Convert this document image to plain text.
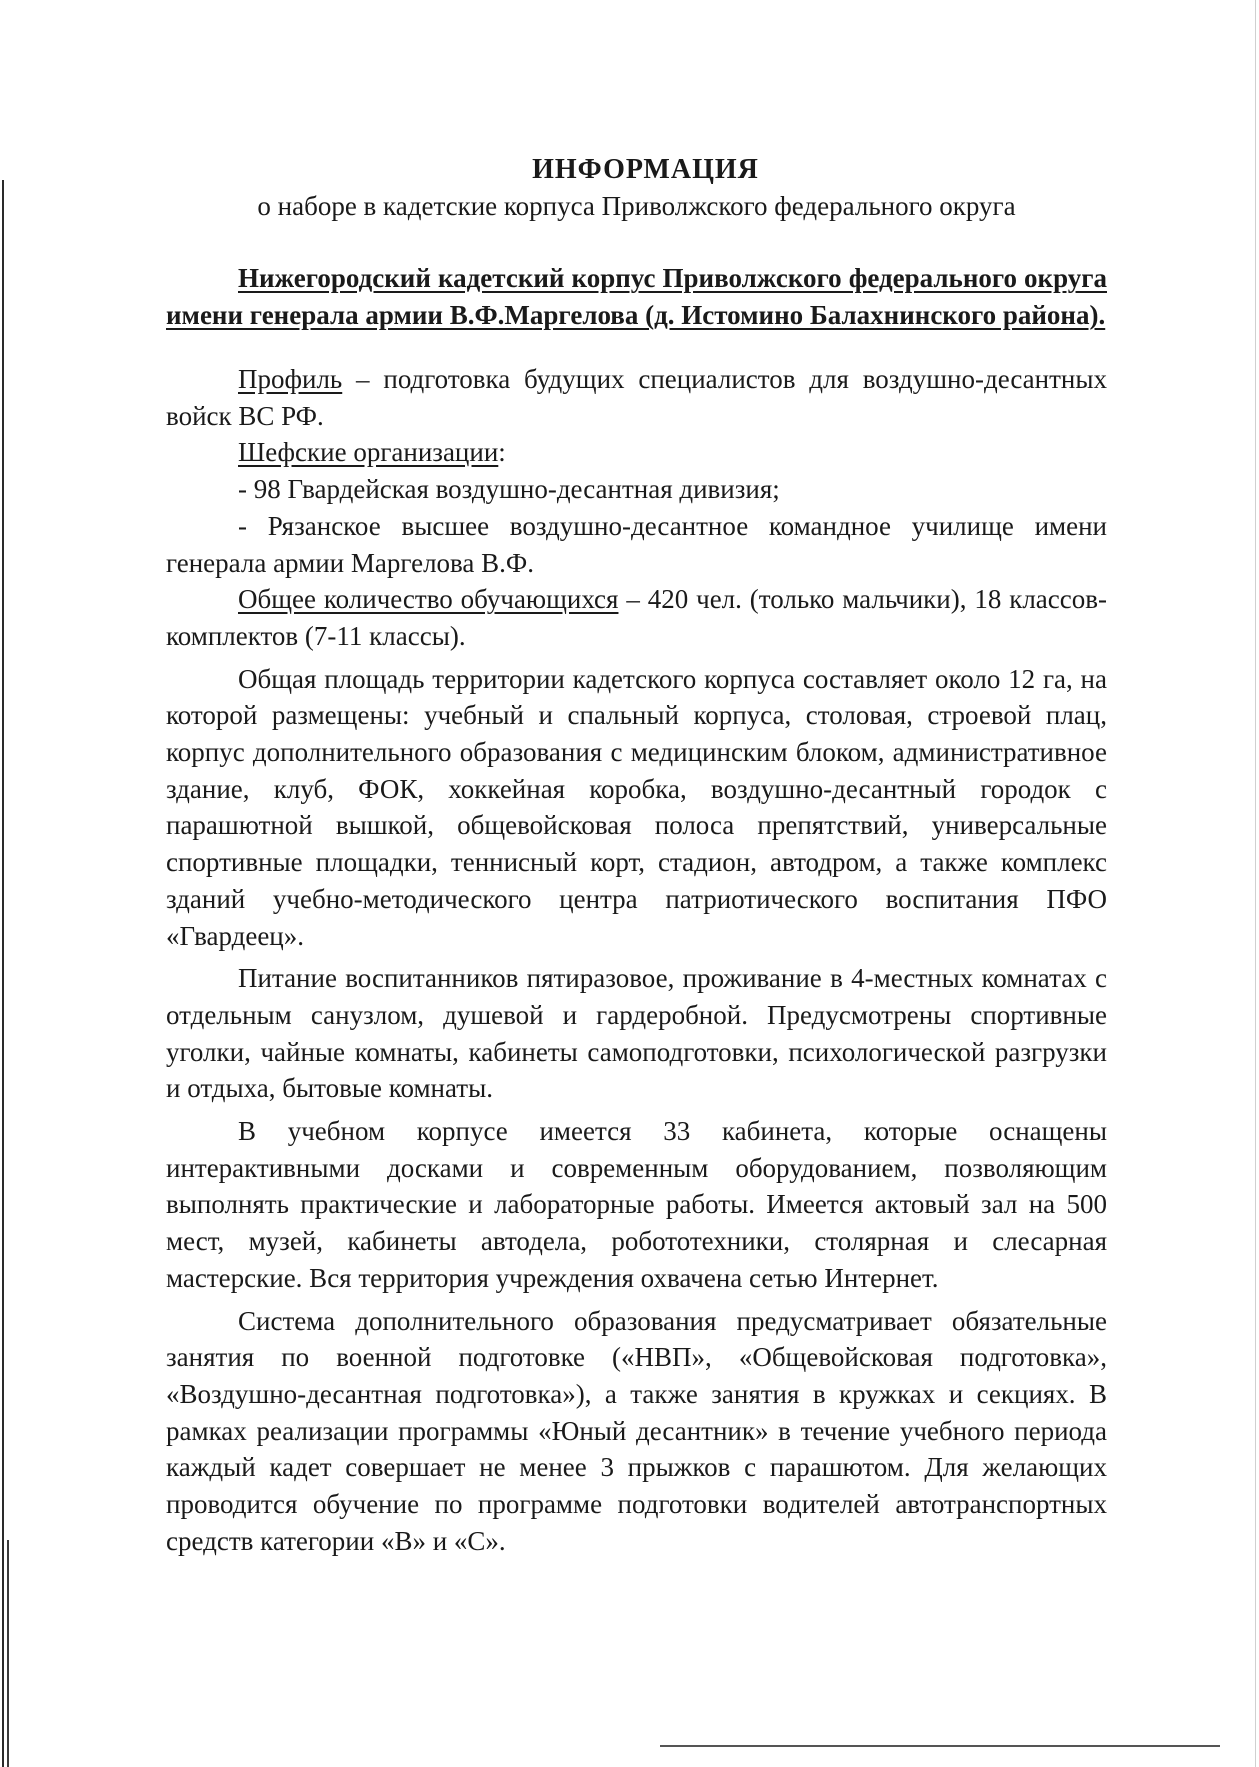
ИНФОРМАЦИЯ

о наборе в кадетские корпуса Приволжского федерального округа

Нижегородский кадетский корпус Приволжского федерального округа имени генерала армии В.Ф.Маргелова (д. Истомино Балахнинского района).

Профиль – подготовка будущих специалистов для воздушно-десантных войск ВС РФ.

Шефские организации:

- 98 Гвардейская воздушно-десантная дивизия;

- Рязанское высшее воздушно-десантное командное училище имени генерала армии Маргелова В.Ф.

Общее количество обучающихся – 420 чел. (только мальчики), 18 классов-комплектов (7-11 классы).

Общая площадь территории кадетского корпуса составляет около 12 га, на которой размещены: учебный и спальный корпуса, столовая, строевой плац, корпус дополнительного образования с медицинским блоком, административное здание, клуб, ФОК, хоккейная коробка, воздушно-десантный городок с парашютной вышкой, общевойсковая полоса препятствий, универсальные спортивные площадки, теннисный корт, стадион, автодром, а также комплекс зданий учебно-методического центра патриотического воспитания ПФО «Гвардеец».

Питание воспитанников пятиразовое, проживание в 4-местных комнатах с отдельным санузлом, душевой и гардеробной. Предусмотрены спортивные уголки, чайные комнаты, кабинеты самоподготовки, психологической разгрузки и отдыха, бытовые комнаты.

В учебном корпусе имеется 33 кабинета, которые оснащены интерактивными досками и современным оборудованием, позволяющим выполнять практические и лабораторные работы. Имеется актовый зал на 500 мест, музей, кабинеты автодела, робототехники, столярная и слесарная мастерские. Вся территория учреждения охвачена сетью Интернет.

Система дополнительного образования предусматривает обязательные занятия по военной подготовке («НВП», «Общевойсковая подготовка», «Воздушно-десантная подготовка»), а также занятия в кружках и секциях. В рамках реализации программы «Юный десантник» в течение учебного периода каждый кадет совершает не менее 3 прыжков с парашютом. Для желающих проводится обучение по программе подготовки водителей автотранспортных средств категории «В» и «С».
